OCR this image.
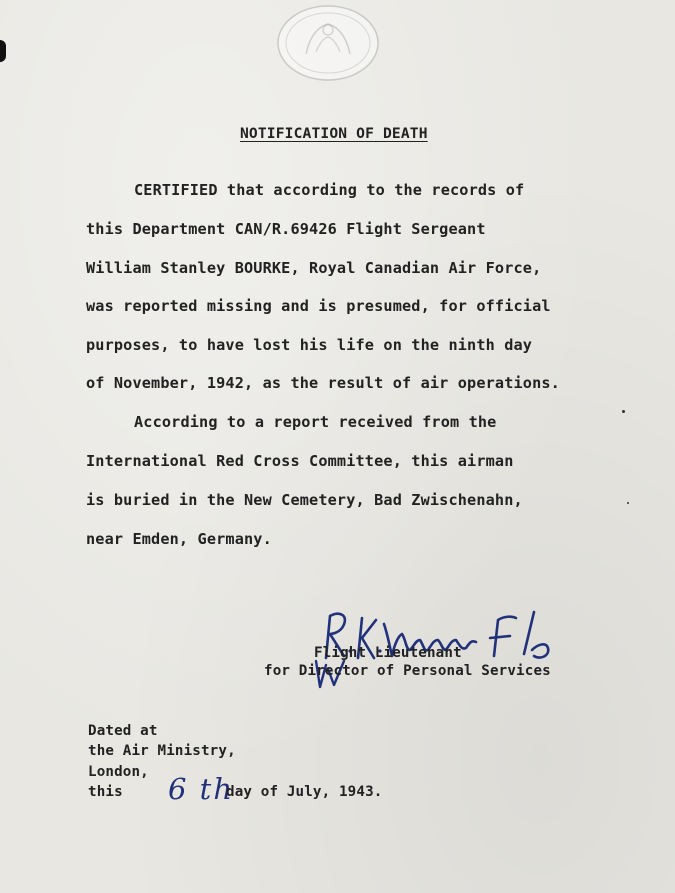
NOTIFICATION OF DEATH
CERTIFIED that according to the records of
this Department CAN/R.69426 Flight Sergeant
William Stanley BOURKE, Royal Canadian Air Force,
was reported missing and is presumed, for official
purposes, to have lost his life on the ninth day
of November, 1942, as the result of air operations.
According to a report received from the
International Red Cross Committee, this airman
is buried in the New Cemetery, Bad Zwischenahn,
near Emden, Germany.

Flight Lieutenant
for Director of Personal Services
Dated at
the Air Ministry,
London,
this 6 th
day of July, 1943.
